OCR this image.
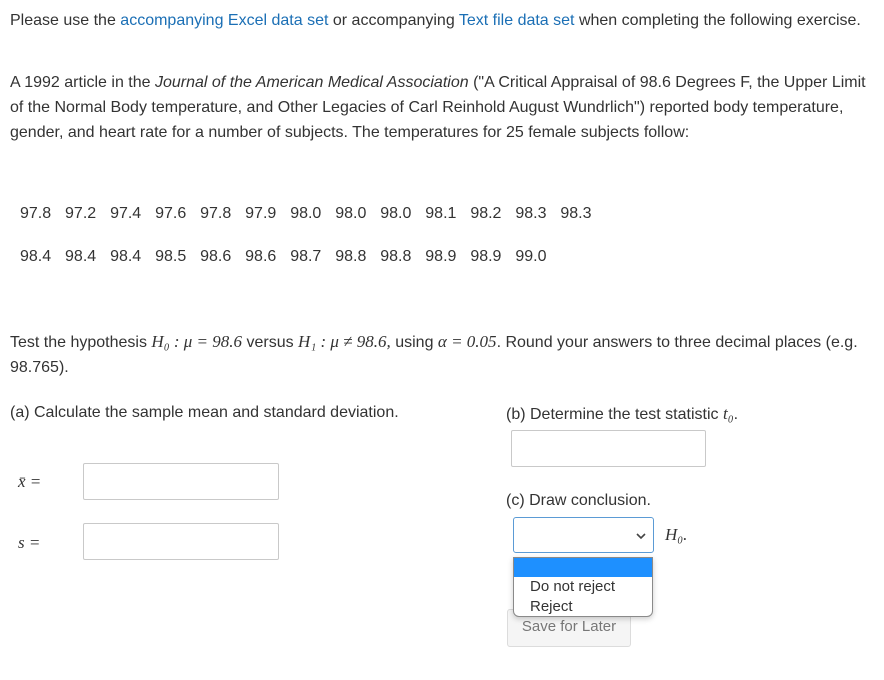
Please use the accompanying Excel data set or accompanying Text file data set when completing the following exercise.
A 1992 article in the Journal of the American Medical Association ("A Critical Appraisal of 98.6 Degrees F, the Upper Limit of the Normal Body temperature, and Other Legacies of Carl Reinhold August Wundrlich") reported body temperature, gender, and heart rate for a number of subjects. The temperatures for 25 female subjects follow:
97.8 97.2 97.4 97.6 97.8 97.9 98.0 98.0 98.0 98.1 98.2 98.3 98.3
98.4 98.4 98.4 98.5 98.6 98.6 98.7 98.8 98.8 98.9 98.9 99.0
Test the hypothesis H₀ : μ = 98.6 versus H₁ : μ ≠ 98.6, using α = 0.05. Round your answers to three decimal places (e.g. 98.765).
(a) Calculate the sample mean and standard deviation.
x̄ =
s =
(b) Determine the test statistic t₀.
(c) Draw conclusion.
H₀.
Save for Later
Do not reject
Reject
